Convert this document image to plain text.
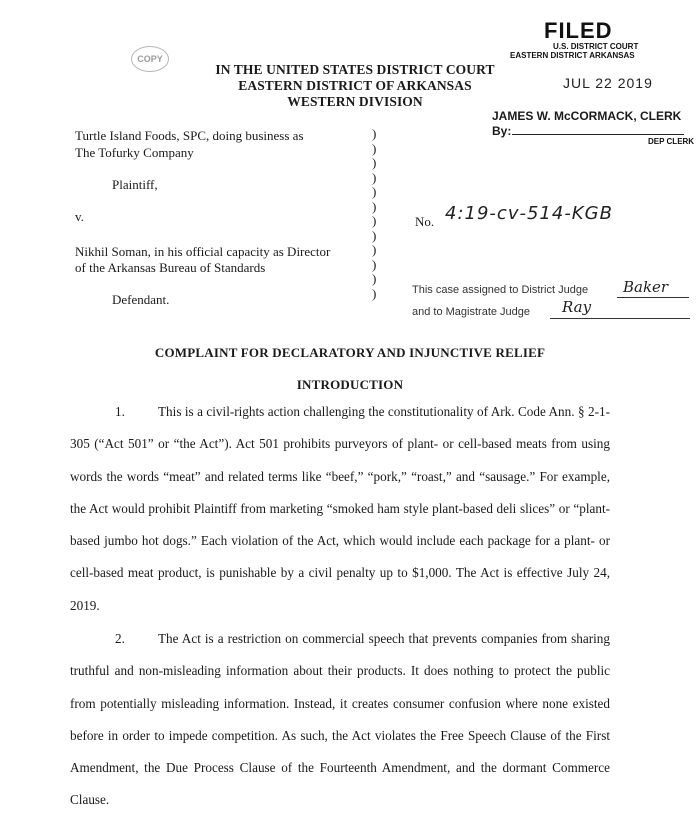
COPY
IN THE UNITED STATES DISTRICT COURT
EASTERN DISTRICT OF ARKANSAS
WESTERN DIVISION
FILED
U.S. DISTRICT COURT
EASTERN DISTRICT ARKANSAS
JUL 22 2019
JAMES W. McCORMACK, CLERK
By:
DEP CLERK
Turtle Island Foods, SPC, doing business as
The Tofurky Company
Plaintiff,
v.
Nikhil Soman, in his official capacity as Director
of the Arkansas Bureau of Standards
Defendant.
)
)
)
)
)
)
)
)
)
)
)
)
No. 4:19-cv-514-KGB
This case assigned to District Judge Baker
and to Magistrate Judge Ray
COMPLAINT FOR DECLARATORY AND INJUNCTIVE RELIEF
INTRODUCTION
1.	This is a civil-rights action challenging the constitutionality of Ark. Code Ann. § 2-1-305 (“Act 501” or “the Act”). Act 501 prohibits purveyors of plant- or cell-based meats from using words the words “meat” and related terms like “beef,” “pork,” “roast,” and “sausage.” For example, the Act would prohibit Plaintiff from marketing “smoked ham style plant-based deli slices” or “plant-based jumbo hot dogs.” Each violation of the Act, which would include each package for a plant- or cell-based meat product, is punishable by a civil penalty up to $1,000. The Act is effective July 24, 2019.
2.	The Act is a restriction on commercial speech that prevents companies from sharing truthful and non-misleading information about their products. It does nothing to protect the public from potentially misleading information. Instead, it creates consumer confusion where none existed before in order to impede competition. As such, the Act violates the Free Speech Clause of the First Amendment, the Due Process Clause of the Fourteenth Amendment, and the dormant Commerce Clause.
